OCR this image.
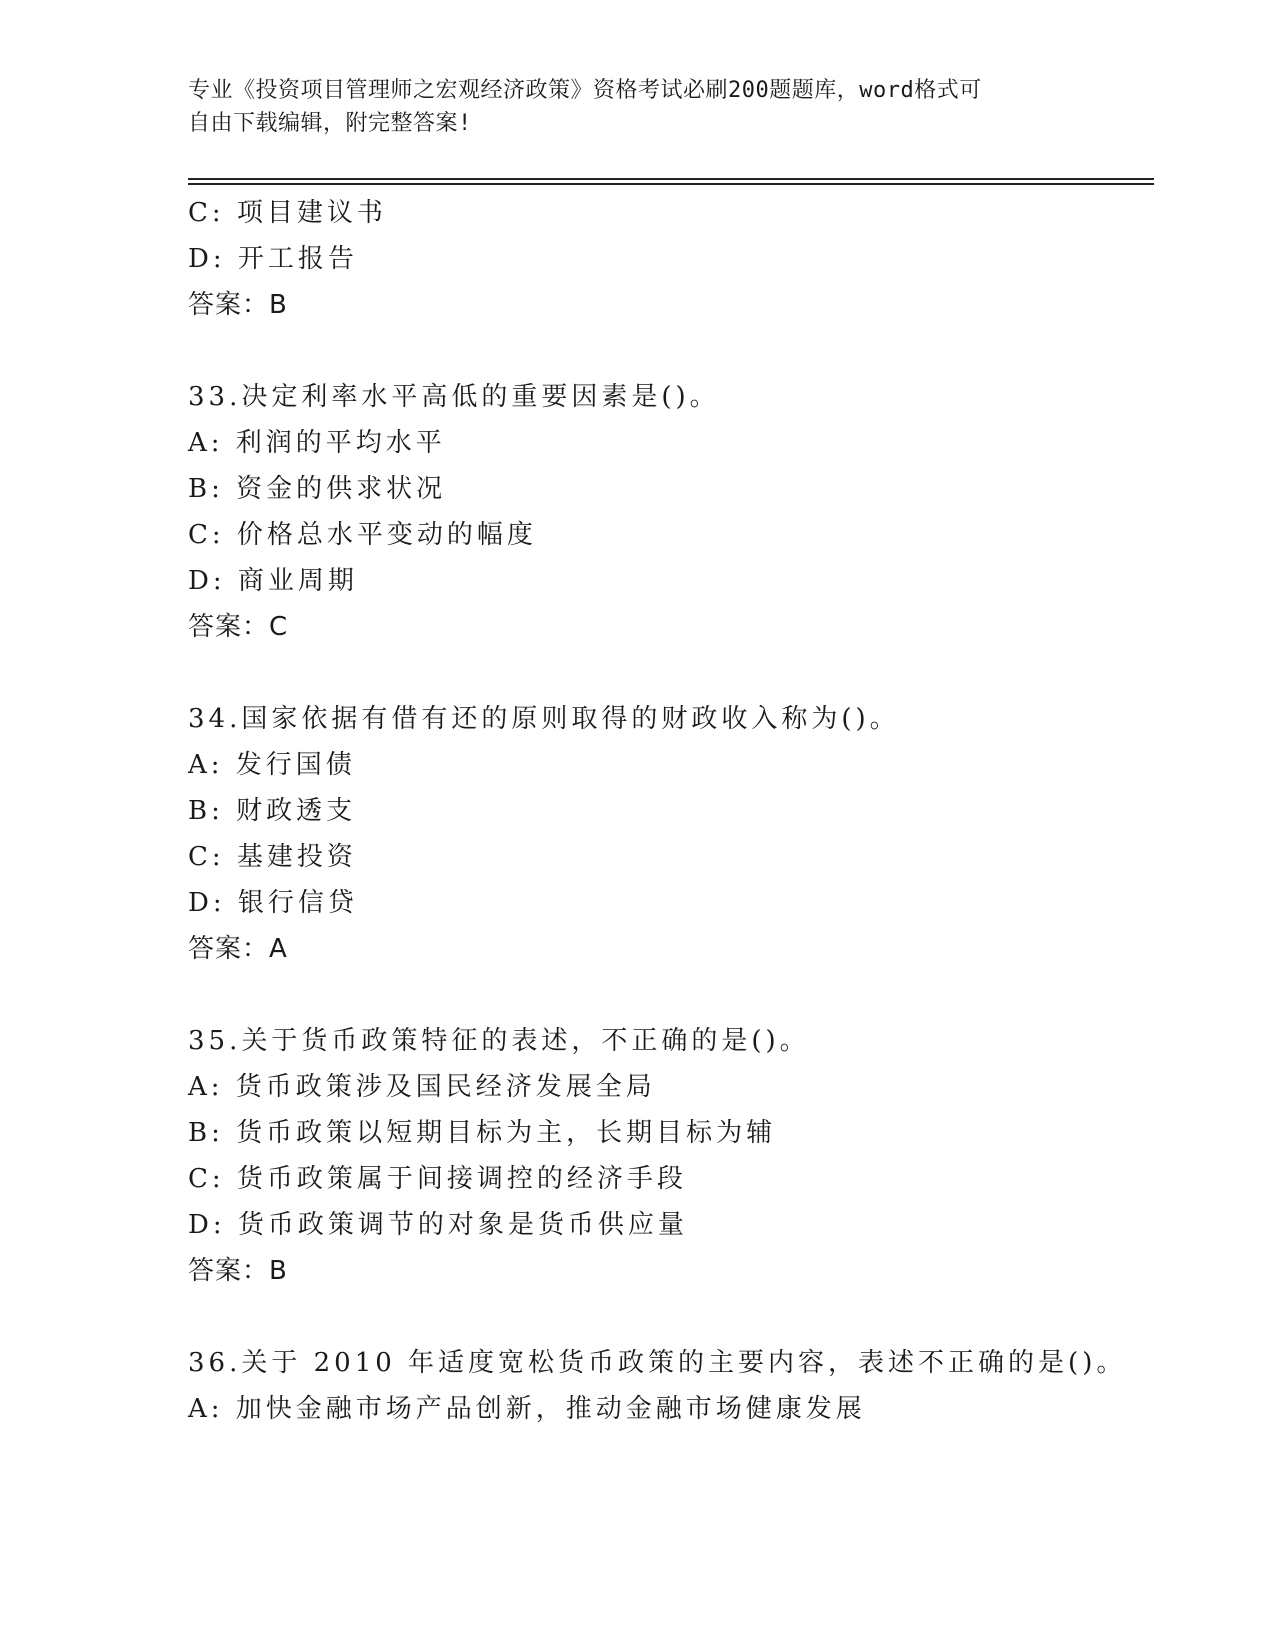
专业《投资项目管理师之宏观经济政策》资格考试必刷200题题库，word格式可
自由下载编辑，附完整答案!
C: 项目建议书
D: 开工报告
答案：B
33.决定利率水平高低的重要因素是()。
A: 利润的平均水平
B: 资金的供求状况
C: 价格总水平变动的幅度
D: 商业周期
答案：C
34.国家依据有借有还的原则取得的财政收入称为()。
A: 发行国债
B: 财政透支
C: 基建投资
D: 银行信贷
答案：A
35.关于货币政策特征的表述，不正确的是()。
A: 货币政策涉及国民经济发展全局
B: 货币政策以短期目标为主，长期目标为辅
C: 货币政策属于间接调控的经济手段
D: 货币政策调节的对象是货币供应量
答案：B
36.关于 2010 年适度宽松货币政策的主要内容，表述不正确的是()。
A: 加快金融市场产品创新，推动金融市场健康发展
